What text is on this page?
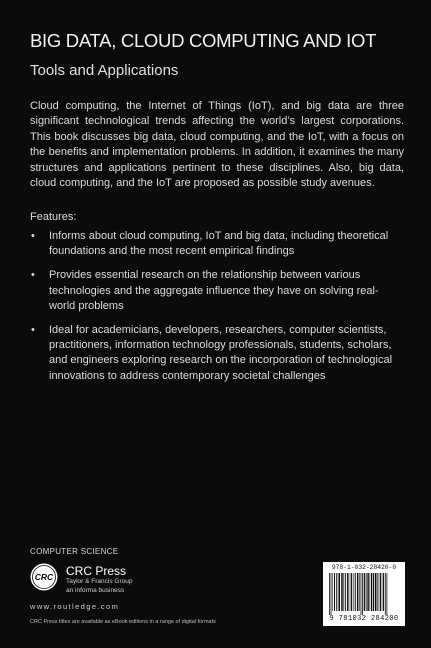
BIG DATA, CLOUD COMPUTING AND IOT
Tools and Applications

Cloud computing, the Internet of Things (IoT), and big data are three significant technological trends affecting the world’s largest corporations. This book discusses big data, cloud computing, and the IoT, with a focus on the benefits and implementation problems. In addition, it examines the many structures and applications pertinent to these disciplines. Also, big data, cloud computing, and the IoT are proposed as possible study avenues.

Features:
• Informs about cloud computing, IoT and big data, including theoretical foundations and the most recent empirical findings
• Provides essential research on the relationship between various technologies and the aggregate influence they have on solving real-world problems
• Ideal for academicians, developers, researchers, computer scientists, practitioners, information technology professionals, students, scholars, and engineers exploring research on the incorporation of technological innovations to address contemporary societal challenges
COMPUTER SCIENCE
CRC CRC Press
Taylor & Francis Group
an informa business
www.routledge.com
CRC Press titles are available as eBook editions in a range of digital formats
978-1-032-28420-0
9 781032 284200
